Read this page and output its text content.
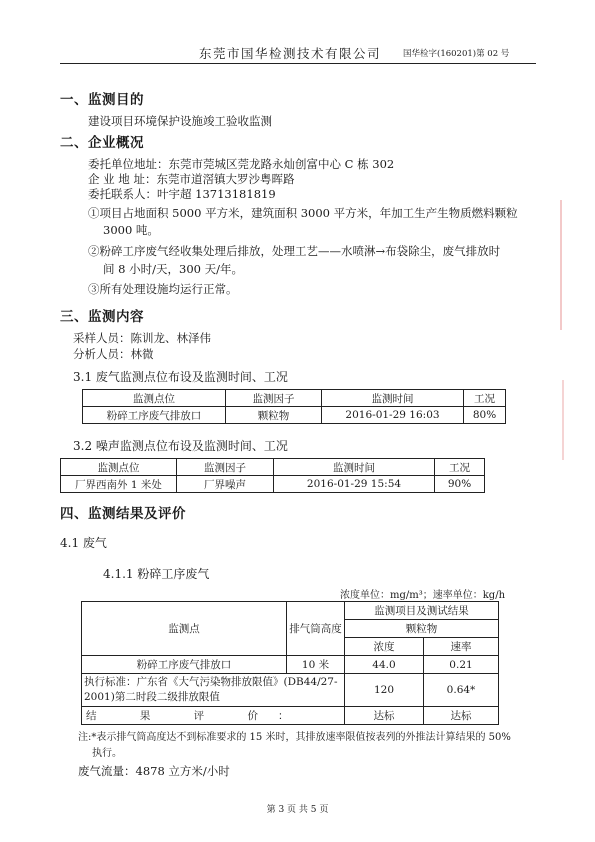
东莞市国华检测技术有限公司	国华检字(160201)第 02 号
一、监测目的
建设项目环境保护设施竣工验收监测
二、企业概况
委托单位地址：东莞市莞城区莞龙路永灿创富中心 C 栋 302
企 业 地 址：东莞市道滘镇大罗沙粤晖路
委托联系人：叶宇超 13713181819
①项目占地面积 5000 平方米，建筑面积 3000 平方米，年加工生产生物质燃料颗粒
3000 吨。
②粉碎工序废气经收集处理后排放，处理工艺——水喷淋→布袋除尘，废气排放时
间 8 小时/天，300 天/年。
③所有处理设施均运行正常。
三、监测内容
采样人员：陈训龙、林泽伟
分析人员：林微
3.1 废气监测点位布设及监测时间、工况
监测点位	监测因子	监测时间	工况
粉碎工序废气排放口	颗粒物	2016-01-29 16:03	80%
3.2 噪声监测点位布设及监测时间、工况
监测点位	监测因子	监测时间	工况
厂界西南外 1 米处	厂界噪声	2016-01-29 15:54	90%
四、监测结果及评价
4.1 废气
4.1.1 粉碎工序废气
浓度单位：mg/m³；速率单位：kg/h
监测点	排气筒高度	监测项目及测试结果	
		颗粒物	
		浓度	速率
粉碎工序废气排放口	10 米	44.0	0.21
执行标准：广东省《大气污染物排放限值》(DB44/27-2001)第二时段二级排放限值		120	0.64*
结 果 评 价：		达标	达标
注:*表示排气筒高度达不到标准要求的 15 米时，其排放速率限值按表列的外推法计算结果的 50%
执行。
废气流量：4878 立方米/小时
第 3 页 共 5 页
